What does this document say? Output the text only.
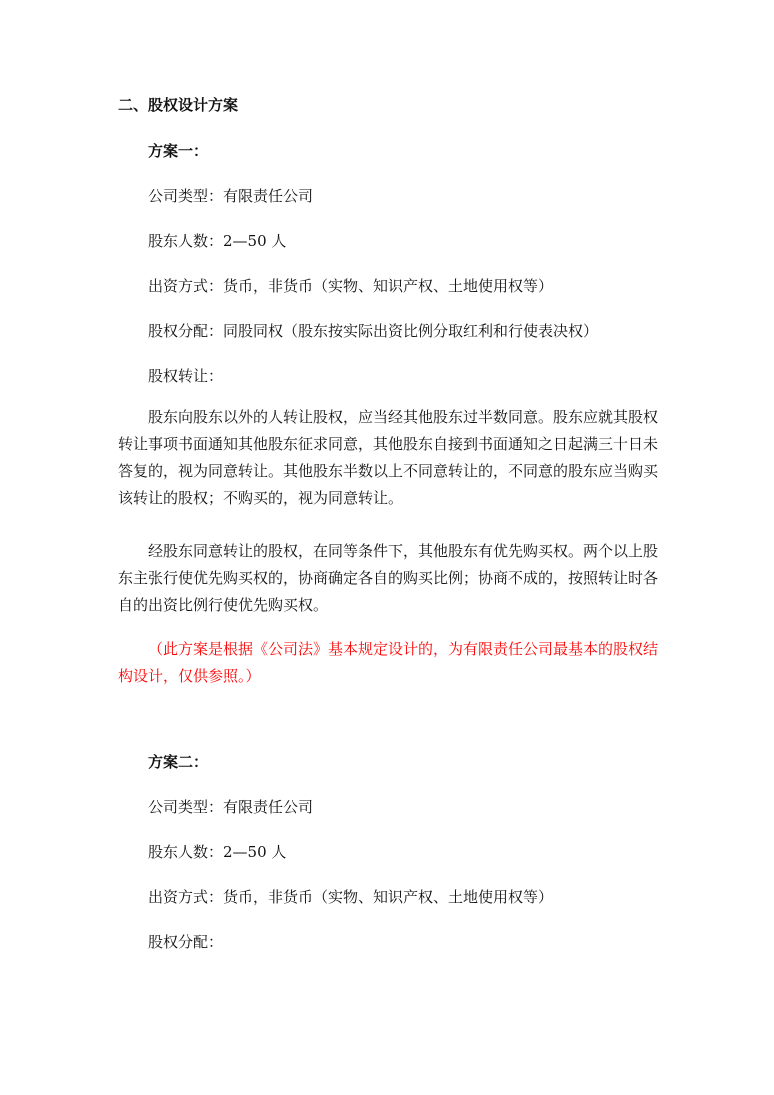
二、股权设计方案

方案一：

公司类型：有限责任公司

股东人数：2—50 人

出资方式：货币，非货币（实物、知识产权、土地使用权等）

股权分配：同股同权（股东按实际出资比例分取红利和行使表决权）

股权转让：

股东向股东以外的人转让股权，应当经其他股东过半数同意。股东应就其股权转让事项书面通知其他股东征求同意，其他股东自接到书面通知之日起满三十日未答复的，视为同意转让。其他股东半数以上不同意转让的，不同意的股东应当购买该转让的股权；不购买的，视为同意转让。

经股东同意转让的股权，在同等条件下，其他股东有优先购买权。两个以上股东主张行使优先购买权的，协商确定各自的购买比例；协商不成的，按照转让时各自的出资比例行使优先购买权。

（此方案是根据《公司法》基本规定设计的，为有限责任公司最基本的股权结构设计，仅供参照。）

方案二：

公司类型：有限责任公司

股东人数：2—50 人

出资方式：货币，非货币（实物、知识产权、土地使用权等）

股权分配：
